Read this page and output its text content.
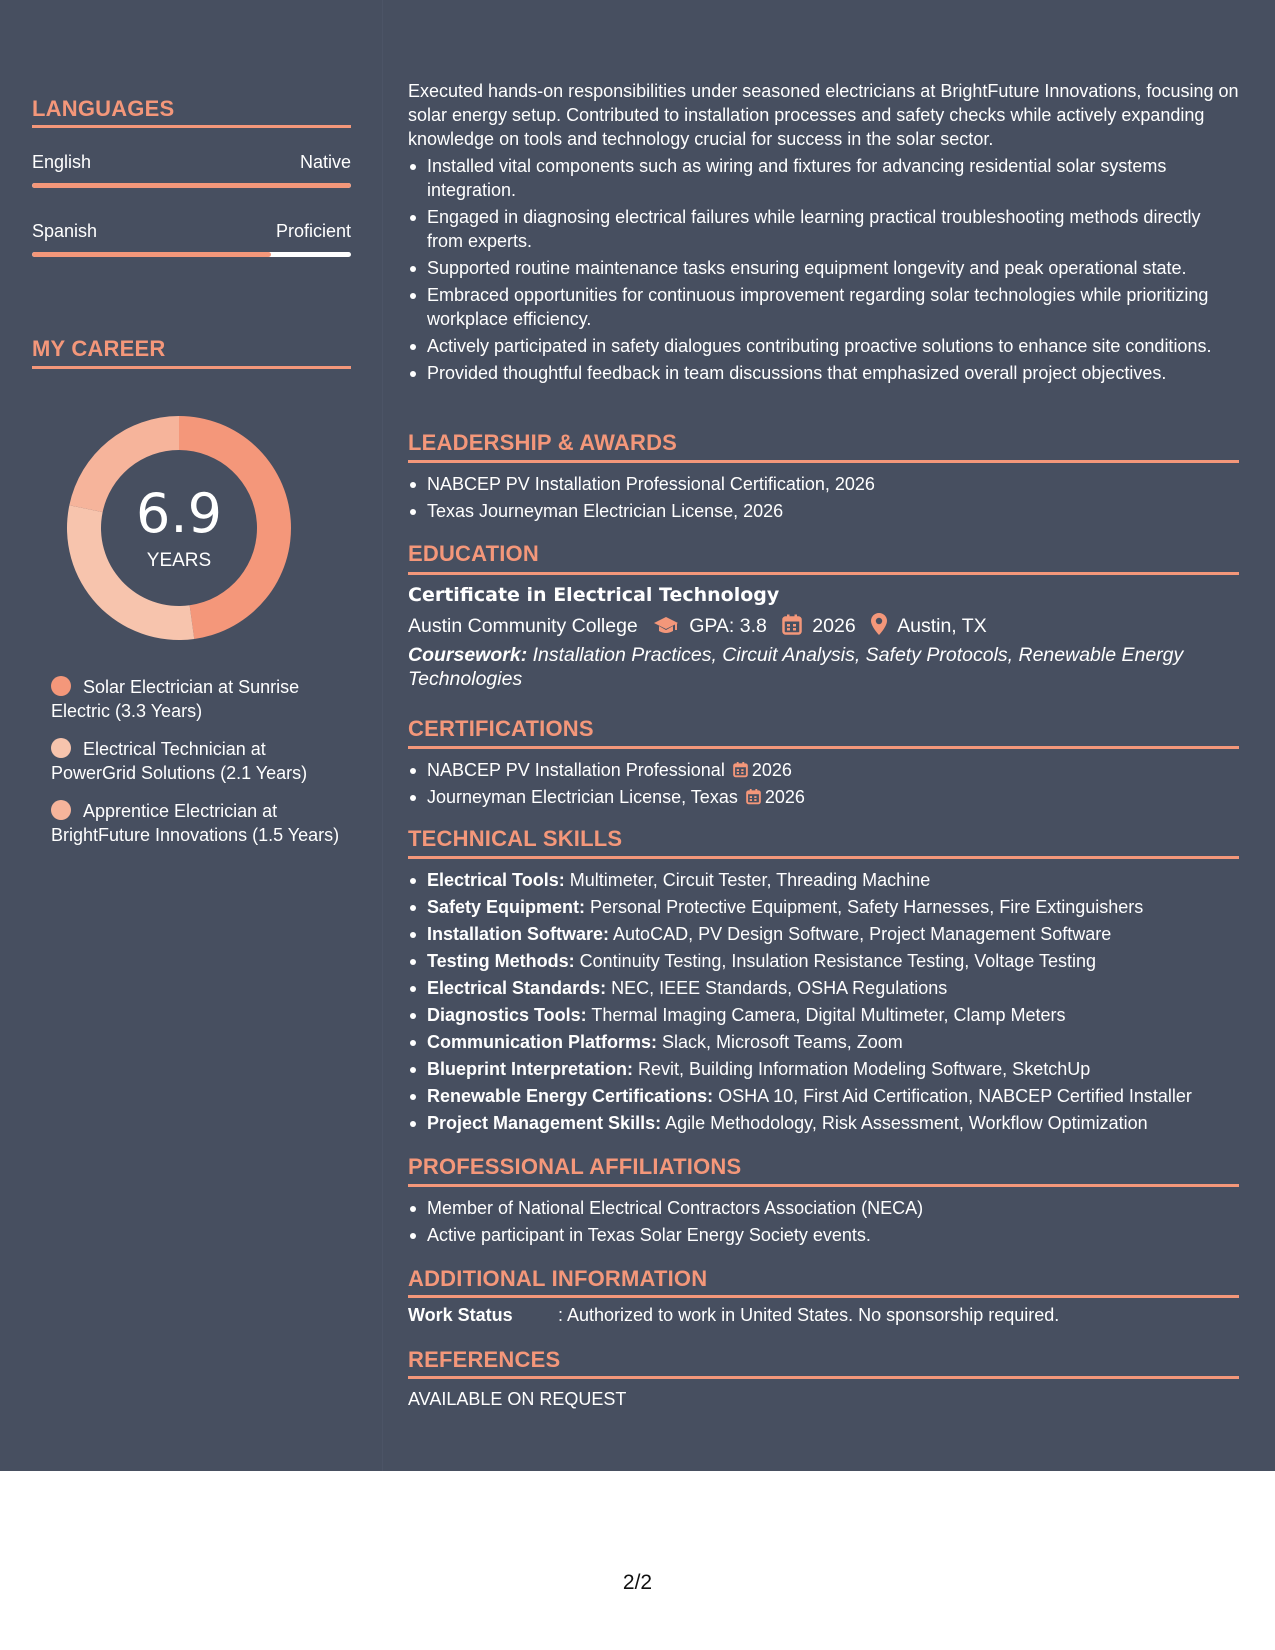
LANGUAGES
English	Native
Spanish	Proficient
MY CAREER
6.9
YEARS
Solar Electrician at Sunrise Electric (3.3 Years)
Electrical Technician at PowerGrid Solutions (2.1 Years)
Apprentice Electrician at BrightFuture Innovations (1.5 Years)
Executed hands-on responsibilities under seasoned electricians at BrightFuture Innovations, focusing on solar energy setup. Contributed to installation processes and safety checks while actively expanding knowledge on tools and technology crucial for success in the solar sector.
Installed vital components such as wiring and fixtures for advancing residential solar systems integration.
Engaged in diagnosing electrical failures while learning practical troubleshooting methods directly from experts.
Supported routine maintenance tasks ensuring equipment longevity and peak operational state.
Embraced opportunities for continuous improvement regarding solar technologies while prioritizing workplace efficiency.
Actively participated in safety dialogues contributing proactive solutions to enhance site conditions.
Provided thoughtful feedback in team discussions that emphasized overall project objectives.
LEADERSHIP & AWARDS
NABCEP PV Installation Professional Certification, 2026
Texas Journeyman Electrician License, 2026
EDUCATION
Certificate in Electrical Technology
Austin Community College	GPA: 3.8 2026 Austin, TX
Coursework: Installation Practices, Circuit Analysis, Safety Protocols, Renewable Energy Technologies
CERTIFICATIONS
NABCEP PV Installation Professional 2026
Journeyman Electrician License, Texas 2026
TECHNICAL SKILLS
Electrical Tools: Multimeter, Circuit Tester, Threading Machine
Safety Equipment: Personal Protective Equipment, Safety Harnesses, Fire Extinguishers
Installation Software: AutoCAD, PV Design Software, Project Management Software
Testing Methods: Continuity Testing, Insulation Resistance Testing, Voltage Testing
Electrical Standards: NEC, IEEE Standards, OSHA Regulations
Diagnostics Tools: Thermal Imaging Camera, Digital Multimeter, Clamp Meters
Communication Platforms: Slack, Microsoft Teams, Zoom
Blueprint Interpretation: Revit, Building Information Modeling Software, SketchUp
Renewable Energy Certifications: OSHA 10, First Aid Certification, NABCEP Certified Installer
Project Management Skills: Agile Methodology, Risk Assessment, Workflow Optimization
PROFESSIONAL AFFILIATIONS
Member of National Electrical Contractors Association (NECA)
Active participant in Texas Solar Energy Society events.
ADDITIONAL INFORMATION
Work Status	: Authorized to work in United States. No sponsorship required.
REFERENCES
AVAILABLE ON REQUEST
2/2
